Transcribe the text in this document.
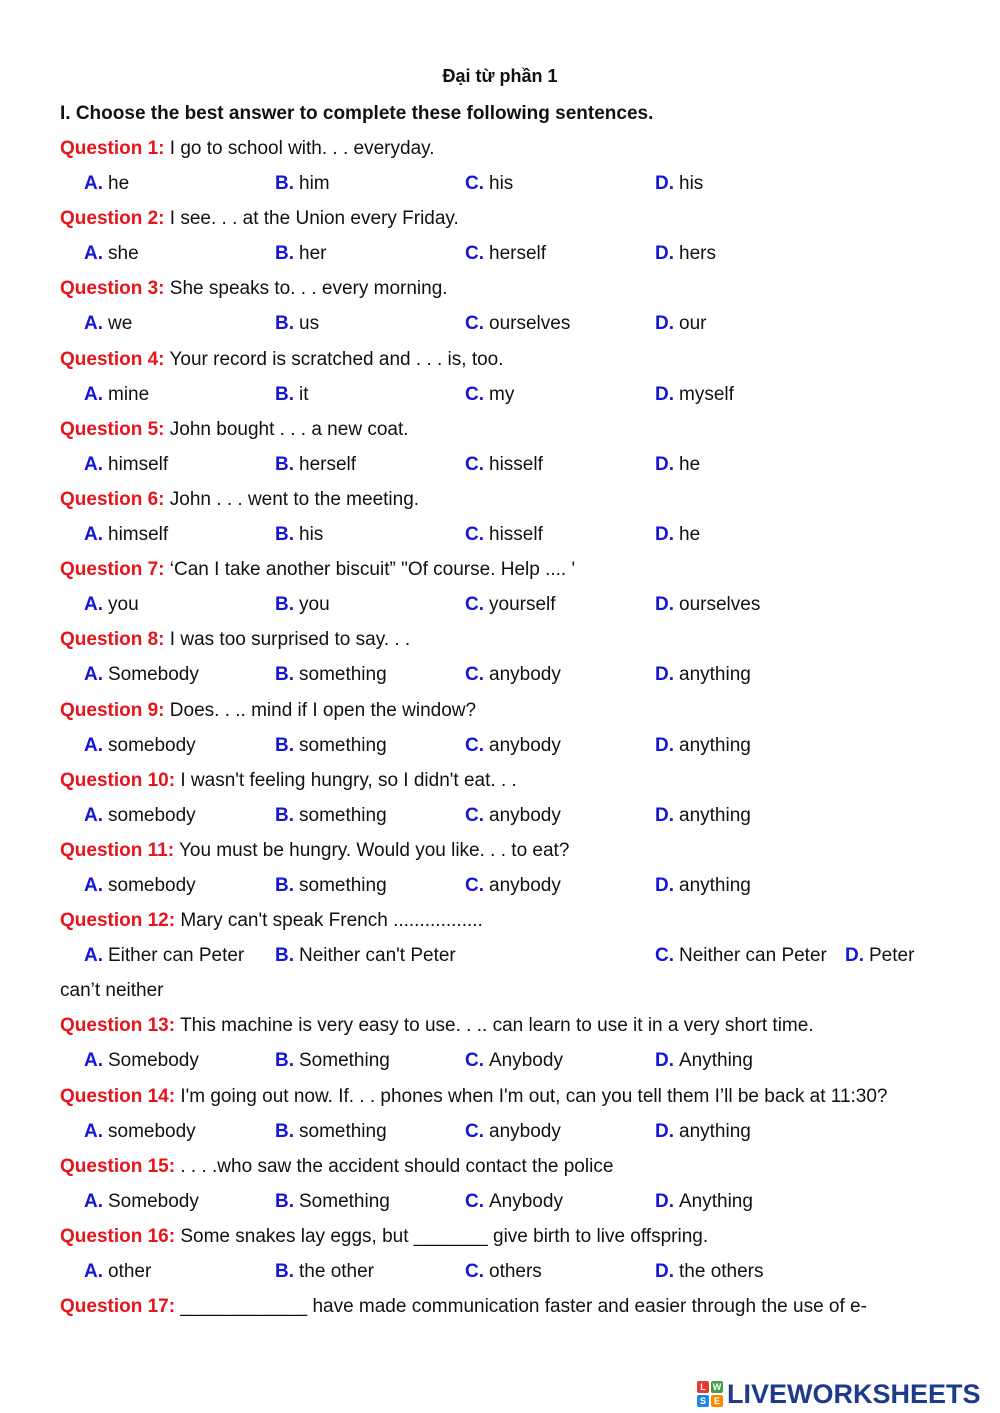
Đại từ phần 1
I. Choose the best answer to complete these following sentences.
Question 1: I go to school with. . . everyday.
A. he	B. him	C. his	D. his
Question 2: I see. . . at the Union every Friday.
A. she	B. her	C. herself	D. hers
Question 3: She speaks to. . . every morning.
A. we	B. us	C. ourselves	D. our
Question 4: Your record is scratched and . . . is, too.
A. mine	B. it	C. my	D. myself
Question 5: John bought . . . a new coat.
A. himself	B. herself	C. hisself	D. he
Question 6: John . . . went to the meeting.
A. himself	B. his	C. hisself	D. he
Question 7: ‘Can I take another biscuit” "Of course. Help .... '
A. you	B. you	C. yourself	D. ourselves
Question 8: I was too surprised to say. . .
A. Somebody	B. something	C. anybody	D. anything
Question 9: Does. . .. mind if I open the window?
A. somebody	B. something	C. anybody	D. anything
Question 10: I wasn't feeling hungry, so I didn't eat. . .
A. somebody	B. something	C. anybody	D. anything
Question 11: You must be hungry. Would you like. . . to eat?
A. somebody	B. something	C. anybody	D. anything
Question 12: Mary can't speak French .................
A. Either can Peter B. Neither can't Peter	C. Neither can Peter D. Peter
can’t neither
Question 13: This machine is very easy to use. . .. can learn to use it in a very short time.
A. Somebody	B. Something	C. Anybody	D. Anything
Question 14: I'm going out now. If. . . phones when I'm out, can you tell them I’ll be back at 11:30?
A. somebody	B. something	C. anybody	D. anything
Question 15: . . . .who saw the accident should contact the police
A. Somebody	B. Something	C. Anybody	D. Anything
Question 16: Some snakes lay eggs, but _______ give birth to live offspring.
A. other	B. the other	C. others	D. the others
Question 17: ____________ have made communication faster and easier through the use of e-
L W
S E LIVEWORKSHEETS
